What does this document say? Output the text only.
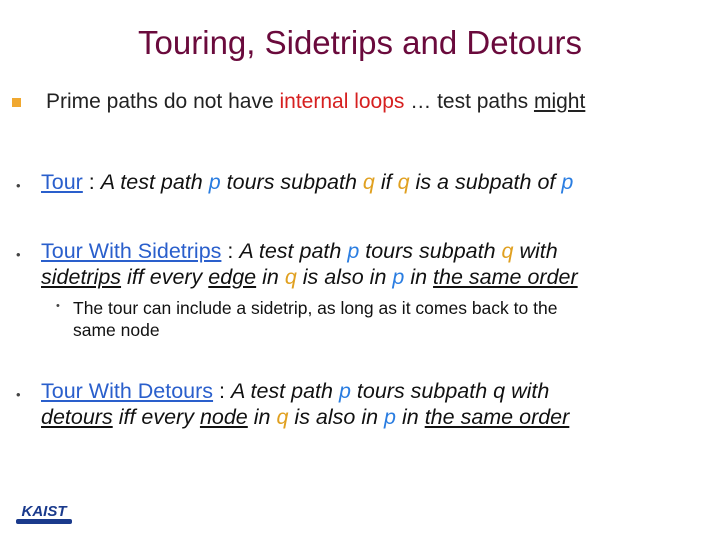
Touring, Sidetrips and Detours
Prime paths do not have internal loops … test paths might
• Tour : A test path p tours subpath q if q is a subpath of p
• Tour With Sidetrips : A test path p tours subpath q with
sidetrips iff every edge in q is also in p in the same order
• The tour can include a sidetrip, as long as it comes back to the
same node
• Tour With Detours : A test path p tours subpath q with
detours iff every node in q is also in p in the same order
KAIST
